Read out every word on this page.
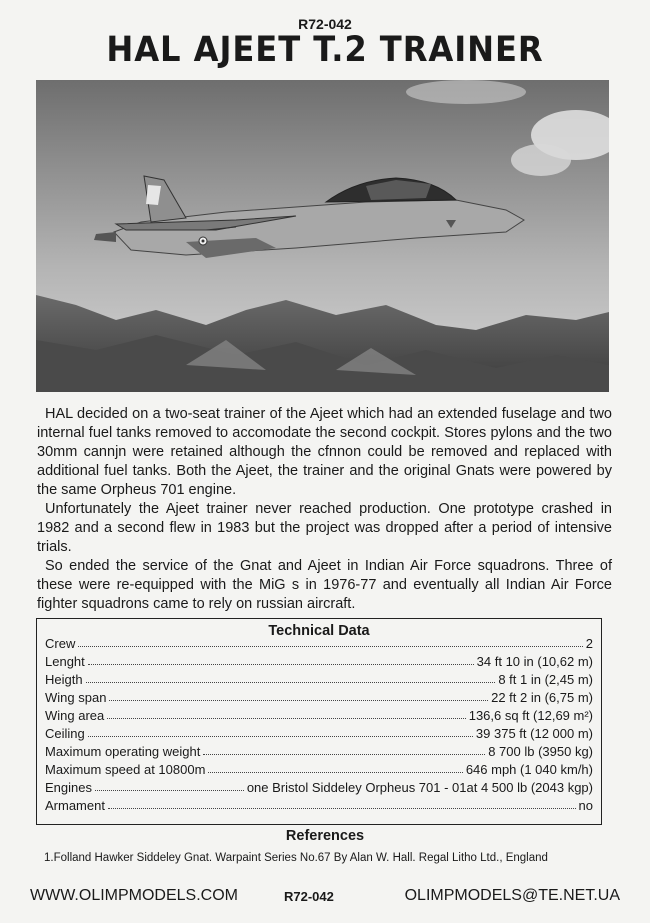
R72-042
HAL AJEET T.2 TRAINER

HAL decided on a two-seat trainer of the Ajeet which had an extended fuselage and two internal fuel tanks removed to accomodate the second cockpit. Stores pylons and the two 30mm cannjn were retained although the cfnnon could be removed and replaced with additional fuel tanks. Both the Ajeet, the trainer and the original Gnats were powered by the same Orpheus 701 engine.

Unfortunately the Ajeet trainer never reached production. One prototype crashed in 1982 and a second flew in 1983 but the project was dropped after a period of intensive trials.

So ended the service of the Gnat and Ajeet in Indian Air Force squadrons. Three of these were re-equipped with the MiG s in 1976-77 and eventually all Indian Air Force fighter squadrons came to rely on russian aircraft.

Technical Data
Crew	2
Lenght	34 ft 10 in (10,62 m)
Heigth	8 ft 1 in (2,45 m)
Wing span	22 ft 2 in (6,75 m)
Wing area	136,6 sq ft (12,69 m²)
Ceiling	39 375 ft (12 000 m)
Maximum operating weight	8 700 lb (3950 kg)
Maximum speed at 10800m	646 mph (1 040 km/h)
Engines	one Bristol Siddeley Orpheus 701 - 01at 4 500 lb (2043 kgp)
Armament	no
References
1.Folland Hawker Siddeley Gnat. Warpaint Series No.67 By Alan W. Hall. Regal Litho Ltd., England
WWW.OLIMPMODELS.COM	R72-042	OLIMPMODELS@TE.NET.UA
